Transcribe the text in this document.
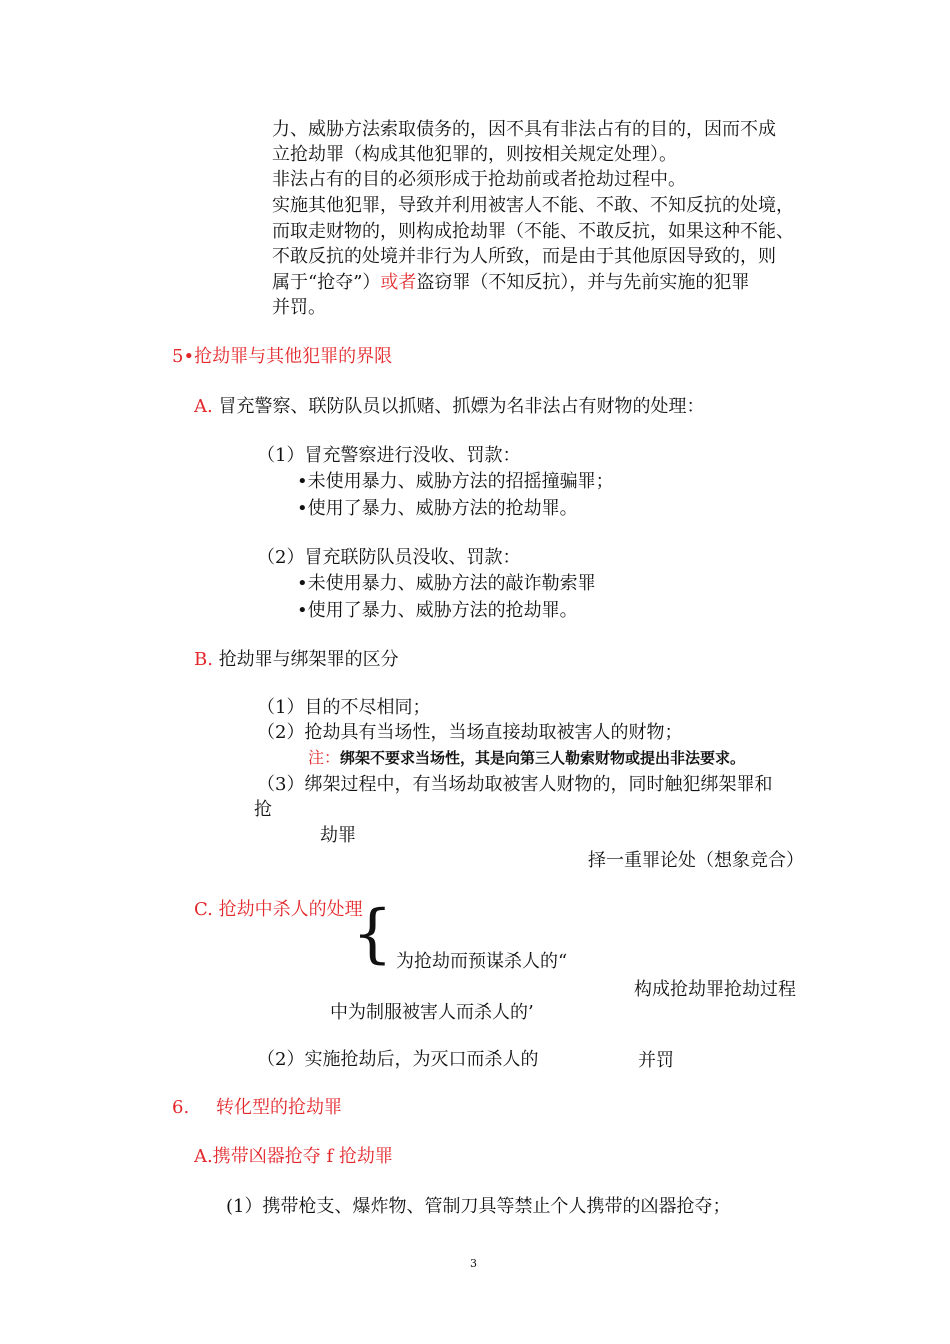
力、威胁方法索取债务的，因不具有非法占有的目的，因而不成
立抢劫罪（构成其他犯罪的，则按相关规定处理）。
非法占有的目的必须形成于抢劫前或者抢劫过程中。
实施其他犯罪，导致并利用被害人不能、不敢、不知反抗的处境，
而取走财物的，则构成抢劫罪（不能、不敢反抗，如果这种不能、
不敢反抗的处境并非行为人所致，而是由于其他原因导致的，则
属于“抢夺”）或者盗窃罪（不知反抗），并与先前实施的犯罪
并罚。
5•抢劫罪与其他犯罪的界限
A. 冒充警察、联防队员以抓赌、抓嫖为名非法占有财物的处理：
（1）冒充警察进行没收、罚款：
•未使用暴力、威胁方法的招摇撞骗罪；
•使用了暴力、威胁方法的抢劫罪。
（2）冒充联防队员没收、罚款：
•未使用暴力、威胁方法的敲诈勒索罪
•使用了暴力、威胁方法的抢劫罪。
B. 抢劫罪与绑架罪的区分
（1）目的不尽相同；
（2）抢劫具有当场性，当场直接劫取被害人的财物；
注：绑架不要求当场性，其是向第三人勒索财物或提出非法要求。
（3）绑架过程中，有当场劫取被害人财物的，同时触犯绑架罪和
抢
劫罪
择一重罪论处（想象竞合）
C. 抢劫中杀人的处理
{ 为抢劫而预谋杀人的“
构成抢劫罪抢劫过程
中为制服被害人而杀人的’
（2）实施抢劫后，为灭口而杀人的	并罚
6. 转化型的抢劫罪
A.携带凶器抢夺 f 抢劫罪
(1）携带枪支、爆炸物、管制刀具等禁止个人携带的凶器抢夺；
3
